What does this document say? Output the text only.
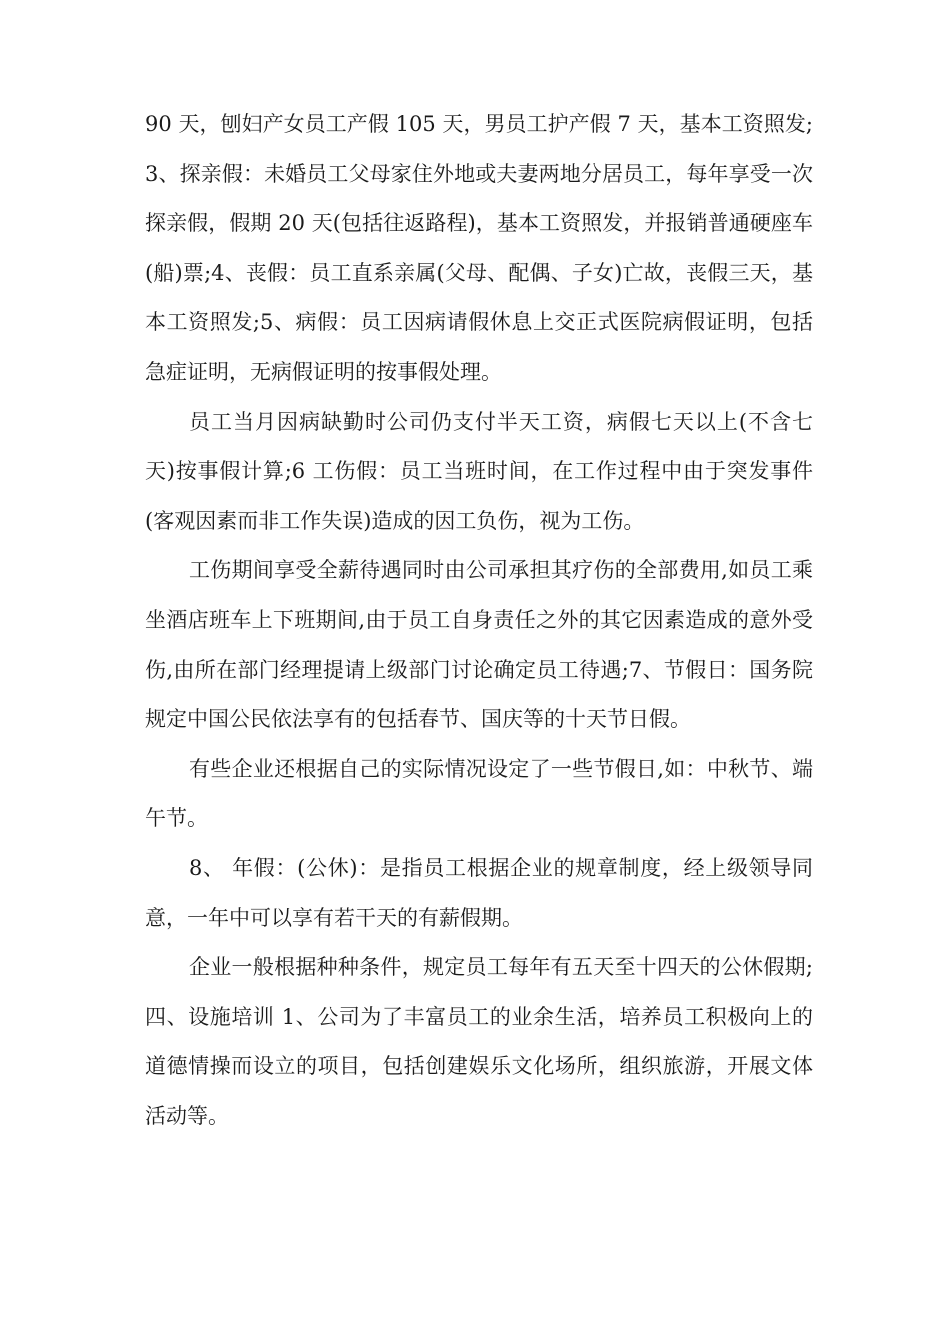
90 天，刨妇产女员工产假 105 天，男员工护产假 7 天，基本工资照发;3、探亲假：未婚员工父母家住外地或夫妻两地分居员工，每年享受一次探亲假，假期 20 天(包括往返路程)，基本工资照发，并报销普通硬座车(船)票;4、丧假：员工直系亲属(父母、配偶、子女)亡故，丧假三天，基本工资照发;5、病假：员工因病请假休息上交正式医院病假证明，包括急症证明，无病假证明的按事假处理。

员工当月因病缺勤时公司仍支付半天工资，病假七天以上(不含七天)按事假计算;6 工伤假：员工当班时间，在工作过程中由于突发事件(客观因素而非工作失误)造成的因工负伤，视为工伤。

工伤期间享受全薪待遇同时由公司承担其疗伤的全部费用,如员工乘坐酒店班车上下班期间,由于员工自身责任之外的其它因素造成的意外受伤,由所在部门经理提请上级部门讨论确定员工待遇;7、节假日：国务院规定中国公民依法享有的包括春节、国庆等的十天节日假。

有些企业还根据自己的实际情况设定了一些节假日,如：中秋节、端午节。

8、 年假：(公休)：是指员工根据企业的规章制度，经上级领导同意，一年中可以享有若干天的有薪假期。

企业一般根据种种条件，规定员工每年有五天至十四天的公休假期;四、设施培训 1、公司为了丰富员工的业余生活，培养员工积极向上的道德情操而设立的项目，包括创建娱乐文化场所，组织旅游，开展文体活动等。
